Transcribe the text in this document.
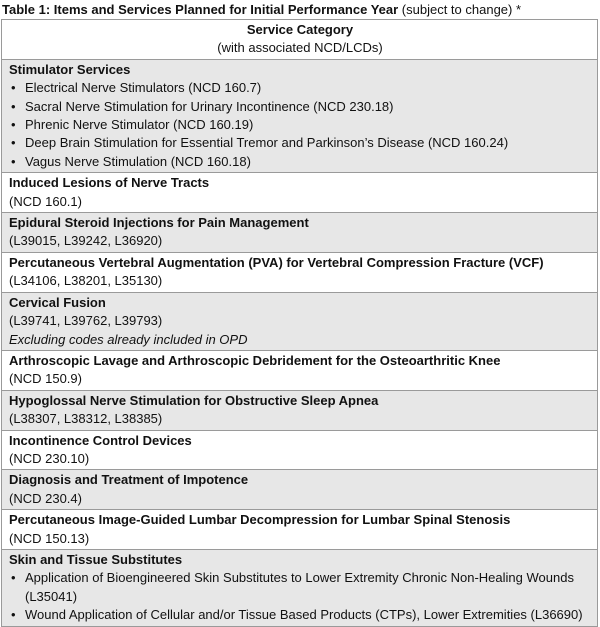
Table 1: Items and Services Planned for Initial Performance Year (subject to change) *
Service Category
(with associated NCD/LCDs)

Stimulator Services
• Electrical Nerve Stimulators (NCD 160.7)
• Sacral Nerve Stimulation for Urinary Incontinence (NCD 230.18)
• Phrenic Nerve Stimulator (NCD 160.19)
• Deep Brain Stimulation for Essential Tremor and Parkinson’s Disease (NCD 160.24)
• Vagus Nerve Stimulation (NCD 160.18)

Induced Lesions of Nerve Tracts
(NCD 160.1)

Epidural Steroid Injections for Pain Management
(L39015, L39242, L36920)

Percutaneous Vertebral Augmentation (PVA) for Vertebral Compression Fracture (VCF)
(L34106, L38201, L35130)

Cervical Fusion
(L39741, L39762, L39793)
Excluding codes already included in OPD

Arthroscopic Lavage and Arthroscopic Debridement for the Osteoarthritic Knee
(NCD 150.9)

Hypoglossal Nerve Stimulation for Obstructive Sleep Apnea
(L38307, L38312, L38385)

Incontinence Control Devices
(NCD 230.10)

Diagnosis and Treatment of Impotence
(NCD 230.4)

Percutaneous Image-Guided Lumbar Decompression for Lumbar Spinal Stenosis
(NCD 150.13)

Skin and Tissue Substitutes
• Application of Bioengineered Skin Substitutes to Lower Extremity Chronic Non-Healing Wounds (L35041)
• Wound Application of Cellular and/or Tissue Based Products (CTPs), Lower Extremities (L36690)
